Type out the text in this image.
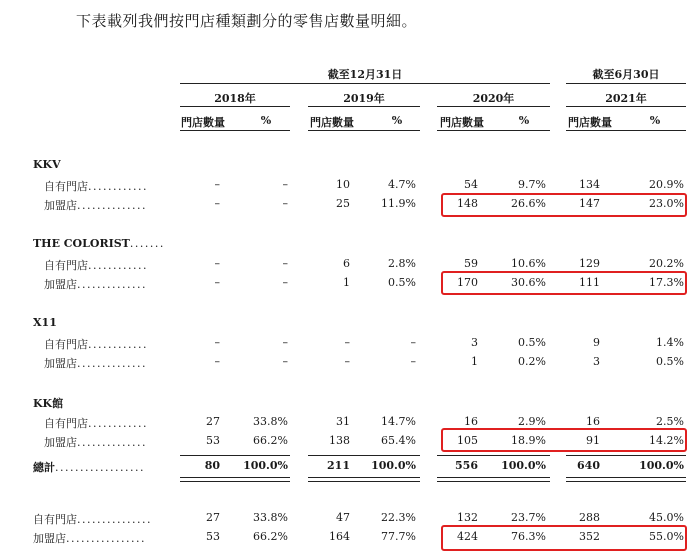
下表載列我們按門店種類劃分的零售店數量明細。
截至12月31日	截至6月30日
2018年	2019年	2020年	2021年
門店數量	%	門店數量	%	門店數量	%	門店數量	%
KKV
自有門店............	–	–	10	4.7%	54	9.7%	134	20.9%
加盟店..............	–	–	25	11.9%	148	26.6%	147	23.0%
THE COLORIST.......
自有門店............	–	–	6	2.8%	59	10.6%	129	20.2%
加盟店..............	–	–	1	0.5%	170	30.6%	111	17.3%
X11
自有門店............	–	–	–	–	3	0.5%	9	1.4%
加盟店..............	–	–	–	–	1	0.2%	3	0.5%
KK館
自有門店............	27	33.8%	31	14.7%	16	2.9%	16	2.5%
加盟店..............	53	66.2%	138	65.4%	105	18.9%	91	14.2%
總計..................	80	100.0%	211	100.0%	556	100.0%	640	100.0%
自有門店...............	27	33.8%	47	22.3%	132	23.7%	288	45.0%
加盟店................	53	66.2%	164	77.7%	424	76.3%	352	55.0%
